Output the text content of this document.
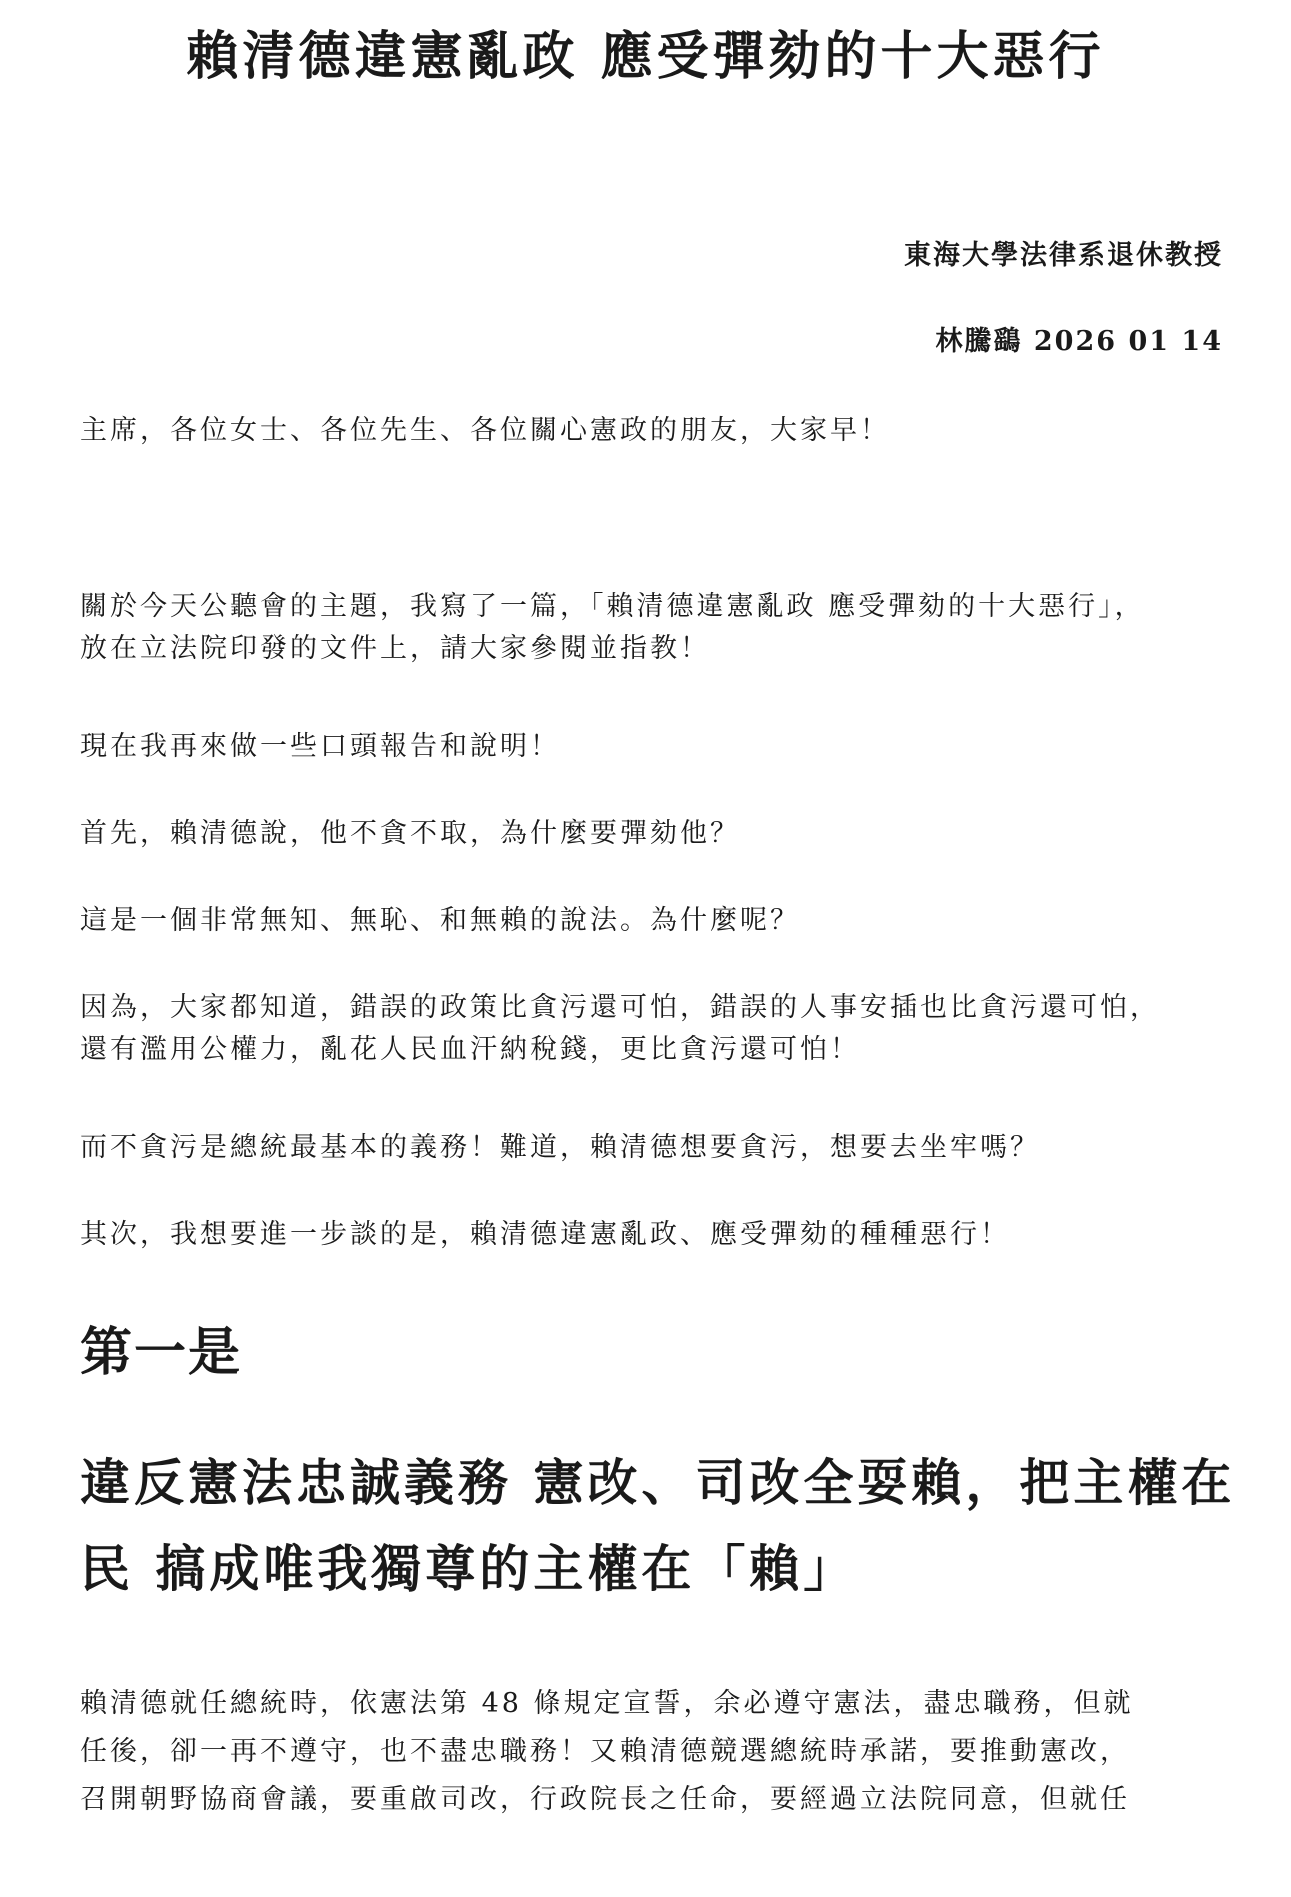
賴清德違憲亂政 應受彈劾的十大惡行
東海大學法律系退休教授
林騰鷂 2026 01 14
主席，各位女士、各位先生、各位關心憲政的朋友，大家早！
關於今天公聽會的主題，我寫了一篇，「賴清德違憲亂政 應受彈劾的十大惡行」，
放在立法院印發的文件上，請大家參閱並指教！
現在我再來做一些口頭報告和說明！
首先，賴清德說，他不貪不取，為什麼要彈劾他？
這是一個非常無知、無恥、和無賴的說法。為什麼呢？
因為，大家都知道，錯誤的政策比貪污還可怕，錯誤的人事安插也比貪污還可怕，
還有濫用公權力，亂花人民血汗納稅錢，更比貪污還可怕！
而不貪污是總統最基本的義務！難道，賴清德想要貪污，想要去坐牢嗎？
其次，我想要進一步談的是，賴清德違憲亂政、應受彈劾的種種惡行！
第一是
違反憲法忠誠義務 憲改、司改全耍賴，把主權在
民 搞成唯我獨尊的主權在「賴」
賴清德就任總統時，依憲法第 48 條規定宣誓，余必遵守憲法，盡忠職務，但就
任後，卻一再不遵守，也不盡忠職務！又賴清德競選總統時承諾，要推動憲改，
召開朝野協商會議，要重啟司改，行政院長之任命，要經過立法院同意，但就任
